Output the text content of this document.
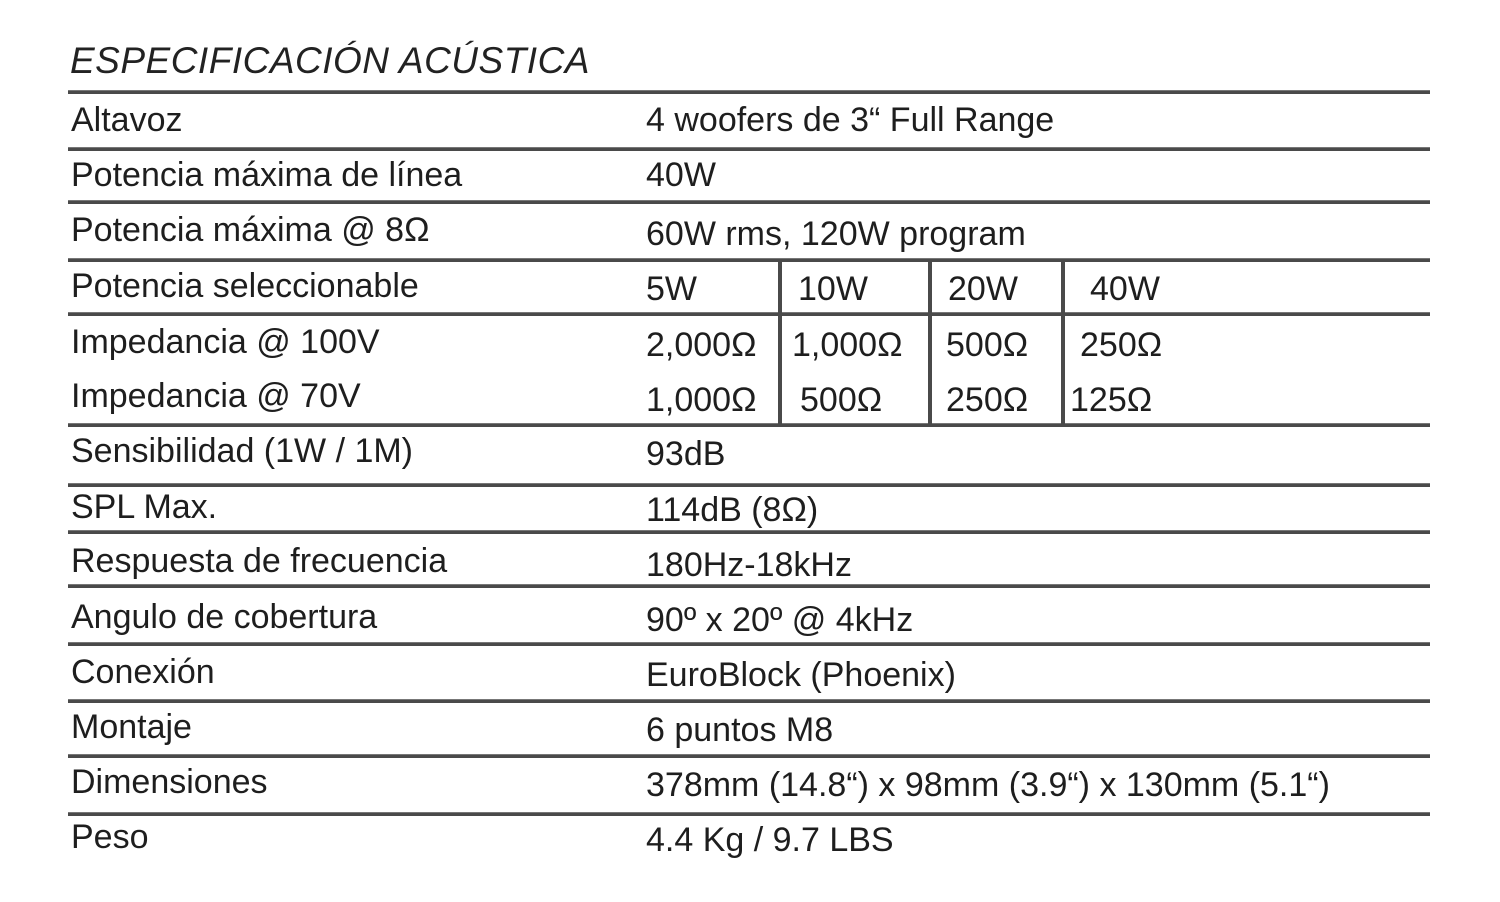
ESPECIFICACIÓN ACÚSTICA
Altavoz	4 woofers de 3“ Full Range
Potencia máxima de línea	40W
Potencia máxima @ 8Ω	60W rms, 120W program
Potencia seleccionable	5W	10W 20W 40W
Impedancia @ 100V	2,000Ω 1,000Ω 500Ω 250Ω
Impedancia @ 70V	1,000Ω 500Ω 250Ω 125Ω
Sensibilidad (1W / 1M)	93dB
SPL Max.	114dB (8Ω)
Respuesta de frecuencia	180Hz-18kHz
Angulo de cobertura	90º x 20º @ 4kHz
Conexión	EuroBlock (Phoenix)
Montaje	6 puntos M8
Dimensiones	378mm (14.8“) x 98mm (3.9“) x 130mm (5.1“)
Peso	4.4 Kg / 9.7 LBS
